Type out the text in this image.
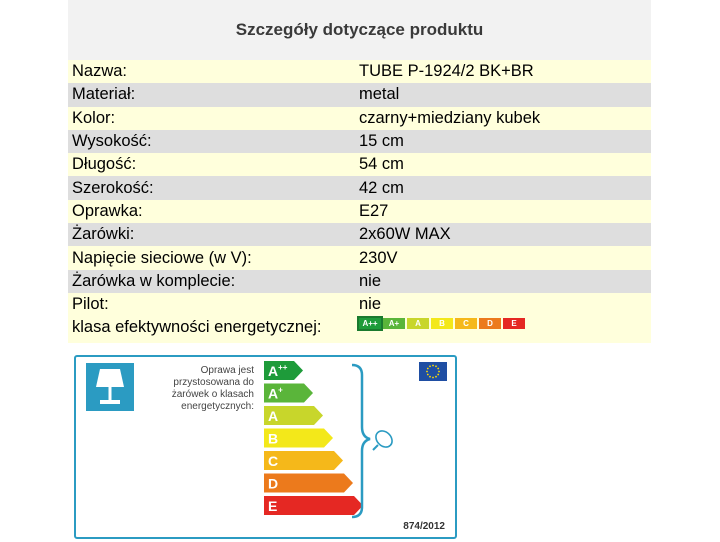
Szczegóły dotyczące produktu
Nazwa:	TUBE P-1924/2 BK+BR
Materiał:	metal
Kolor:	czarny+miedziany kubek
Wysokość:	15 cm
Długość:	54 cm
Szerokość:	42 cm
Oprawka:	E27
Żarówki:	2x60W MAX
Napięcie sieciowe (w V):	230V
Żarówka w komplecie:	nie
Pilot:	nie
klasa efektywności energetycznej:	A++	A+	A	B	C	D	E
Oprawa jest
przystosowana do
żarówek o klasach
energetycznych:
A++
A+
A
B
C
D
E
874/2012
